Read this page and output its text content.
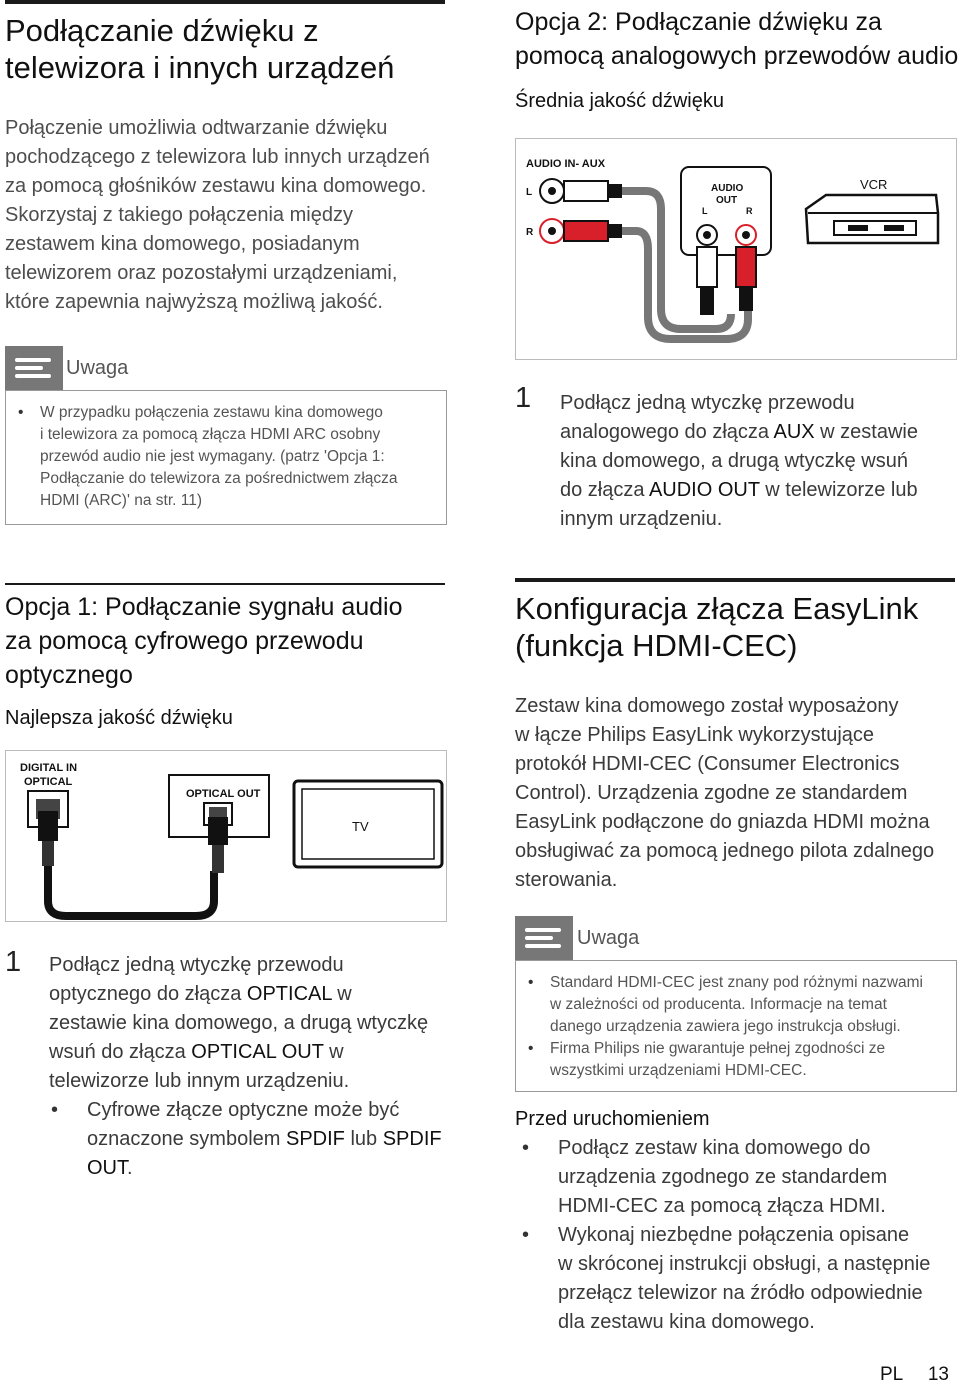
Podłączanie dźwięku z
telewizora i innych urządzeń
Połączenie umożliwia odtwarzanie dźwięku
pochodzącego z telewizora lub innych urządzeń
za pomocą głośników zestawu kina domowego.
Skorzystaj z takiego połączenia między
zestawem kina domowego, posiadanym
telewizorem oraz pozostałymi urządzeniami,
które zapewnia najwyższą możliwą jakość.
Uwaga
• W przypadku połączenia zestawu kina domowego
i telewizora za pomocą złącza HDMI ARC osobny
przewód audio nie jest wymagany. (patrz 'Opcja 1:
Podłączanie do telewizora za pośrednictwem złącza
HDMI (ARC)' na str. 11)
Opcja 1: Podłączanie sygnału audio
za pomocą cyfrowego przewodu
optycznego
Najlepsza jakość dźwięku
DIGITAL IN
OPTICAL
OPTICAL OUT
TV
1 Podłącz jedną wtyczkę przewodu
optycznego do złącza OPTICAL w
zestawie kina domowego, a drugą wtyczkę
wsuń do złącza OPTICAL OUT w
telewizorze lub innym urządzeniu.
• Cyfrowe złącze optyczne może być
oznaczone symbolem SPDIF lub SPDIF
OUT.
Opcja 2: Podłączanie dźwięku za
pomocą analogowych przewodów audio
Średnia jakość dźwięku
AUDIO IN- AUX
L
R
AUDIO
OUT
L	R
VCR
1 Podłącz jedną wtyczkę przewodu
analogowego do złącza AUX w zestawie
kina domowego, a drugą wtyczkę wsuń
do złącza AUDIO OUT w telewizorze lub
innym urządzeniu.
Konfiguracja złącza EasyLink
(funkcja HDMI-CEC)
Zestaw kina domowego został wyposażony
w łącze Philips EasyLink wykorzystujące
protokół HDMI-CEC (Consumer Electronics
Control). Urządzenia zgodne ze standardem
EasyLink podłączone do gniazda HDMI można
obsługiwać za pomocą jednego pilota zdalnego
sterowania.
Uwaga
• Standard HDMI-CEC jest znany pod różnymi nazwami
w zależności od producenta. Informacje na temat
danego urządzenia zawiera jego instrukcja obsługi.
• Firma Philips nie gwarantuje pełnej zgodności ze
wszystkimi urządzeniami HDMI-CEC.
Przed uruchomieniem
• Podłącz zestaw kina domowego do
urządzenia zgodnego ze standardem
HDMI-CEC za pomocą złącza HDMI.
• Wykonaj niezbędne połączenia opisane
w skróconej instrukcji obsługi, a następnie
przełącz telewizor na źródło odpowiednie
dla zestawu kina domowego.
PL 13
